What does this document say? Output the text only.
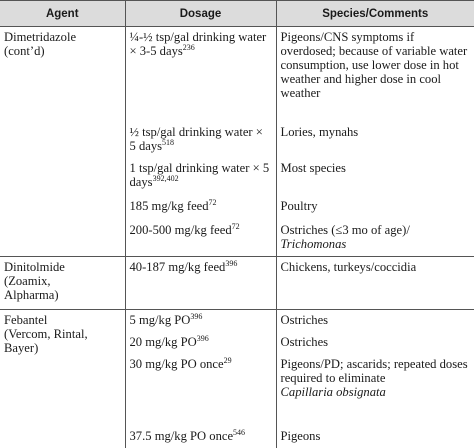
Agent	Dosage	Species/Comments

Dimetridazole
(cont’d)	¼-½ tsp/gal drinking water × 3-5 days$^{236}$	Pigeons/CNS symptoms if overdosed; because of variable water consumption, use lower dose in hot weather and higher dose in cool weather
	½ tsp/gal drinking water × 5 days$^{518}$	Lories, mynahs
	1 tsp/gal drinking water × 5 days$^{392,402}$	Most species
	185 mg/kg feed$^{72}$	Poultry
	200-500 mg/kg feed$^{72}$	Ostriches (≤3 mo of age)/
Trichomonas

Dinitolmide
(Zoamix,
Alpharma)	40-187 mg/kg feed$^{396}$	Chickens, turkeys/coccidia

Febantel
(Vercom, Rintal,
Bayer)	5 mg/kg PO$^{396}$	Ostriches
	20 mg/kg PO$^{396}$	Ostriches
	30 mg/kg PO once$^{29}$	Pigeons/PD; ascarids; repeated doses required to eliminate
Capillaria obsignata
	37.5 mg/kg PO once$^{546}$	Pigeons
